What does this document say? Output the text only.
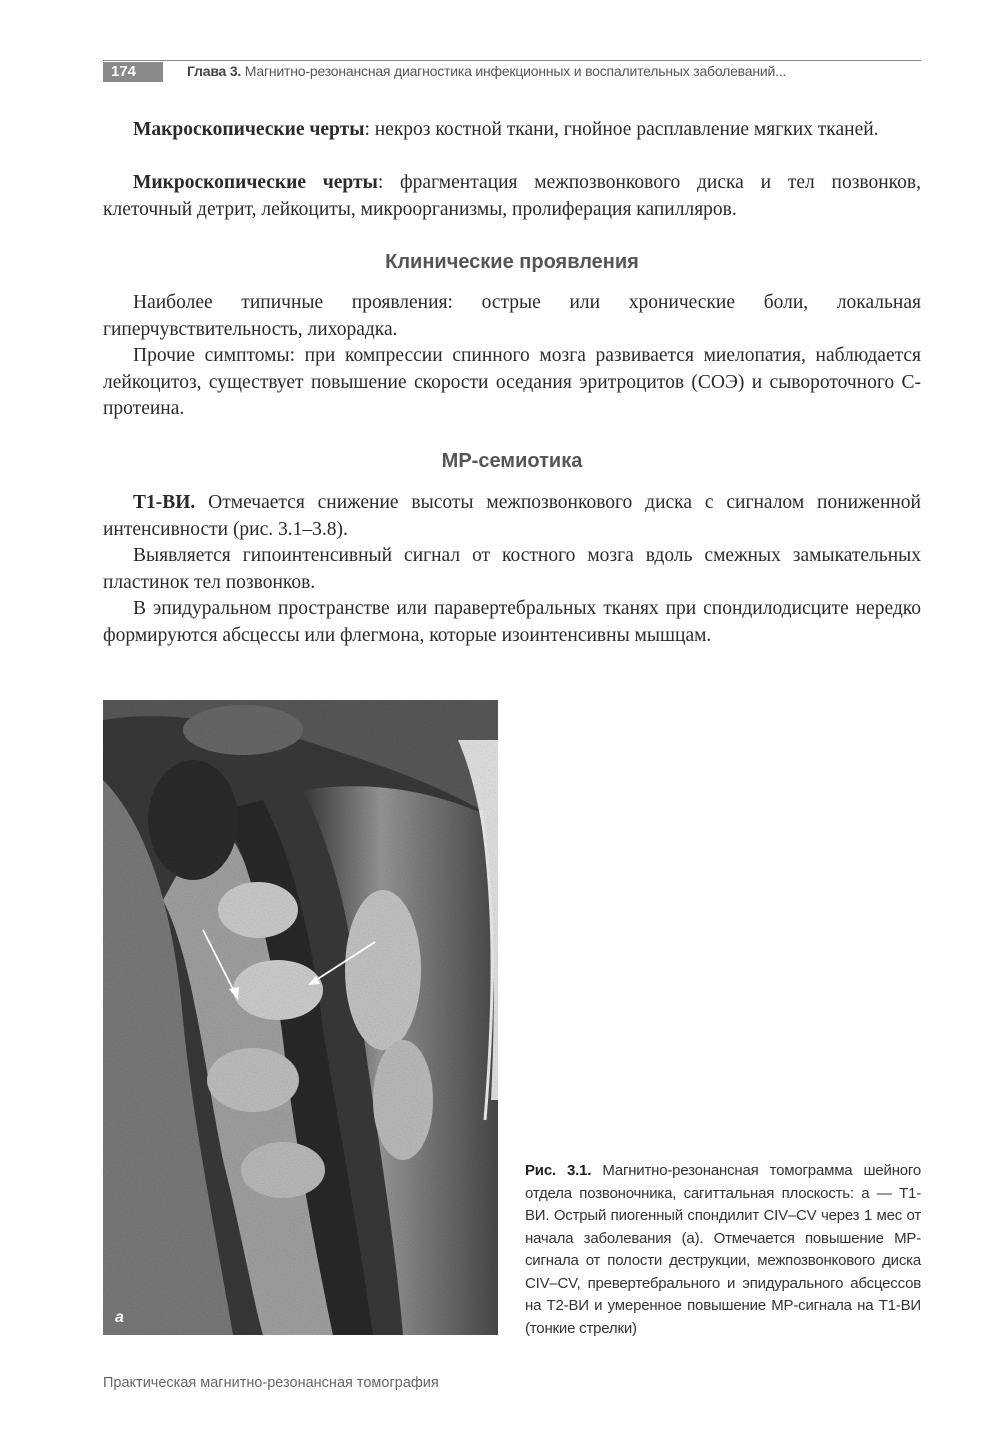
174	Глава 3. Магнитно-резонансная диагностика инфекционных и воспалительных заболеваний...

Макроскопические черты: некроз костной ткани, гнойное расплавление мягких тканей.

Микроскопические черты: фрагментация межпозвонкового диска и тел позвонков, клеточный детрит, лейкоциты, микроорганизмы, пролиферация капилляров.

Клинические проявления

Наиболее типичные проявления: острые или хронические боли, локальная гиперчувствительность, лихорадка.

Прочие симптомы: при компрессии спинного мозга развивается миелопатия, наблюдается лейкоцитоз, существует повышение скорости оседания эритроцитов (СОЭ) и сывороточного С-протеина.

МР-семиотика

Т1-ВИ. Отмечается снижение высоты межпозвонкового диска с сигналом пониженной интенсивности (рис. 3.1–3.8).

Выявляется гипоинтенсивный сигнал от костного мозга вдоль смежных замыкательных пластинок тел позвонков.

В эпидуральном пространстве или паравертебральных тканях при спондилодисците нередко формируются абсцессы или флегмона, которые изоинтенсивны мышцам.

а

Рис. 3.1. Магнитно-резонансная томограмма шейного отдела позвоночника, сагиттальная плоскость: а — Т1-ВИ. Острый пиогенный спондилит CIV–CV через 1 мес от начала заболевания (а). Отмечается повышение МР-сигнала от полости деструкции, межпозвонкового диска CIV–CV, превертебрального и эпидурального абсцессов на Т2-ВИ и умеренное повышение МР-сигнала на Т1-ВИ (тонкие стрелки)

Практическая магнитно-резонансная томография
